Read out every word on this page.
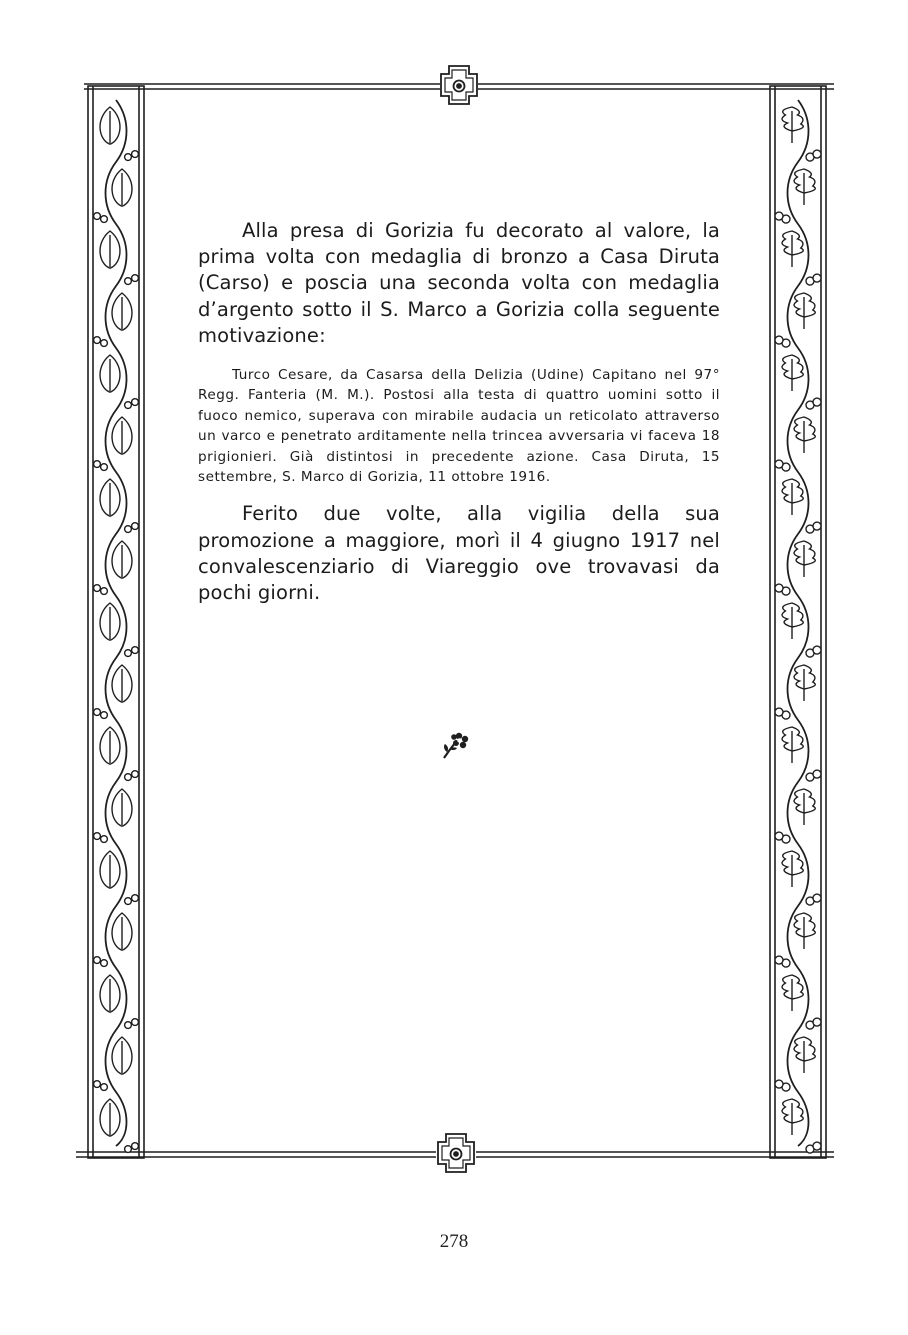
Alla presa di Gorizia fu decorato al valore, la prima volta con medaglia di bronzo a Casa Diruta (Carso) e poscia una seconda volta con medaglia d’argento sotto il S. Marco a Gorizia colla seguente motivazione:

Turco Cesare, da Casarsa della Delizia (Udine) Capitano nel 97° Regg. Fanteria (M. M.). Postosi alla testa di quattro uomini sotto il fuoco nemico, superava con mirabile audacia un reticolato attraverso un varco e penetrato arditamente nella trincea avversaria vi faceva 18 prigionieri. Già distintosi in precedente azione. Casa Diruta, 15 settembre, S. Marco di Gorizia, 11 ottobre 1916.

Ferito due volte, alla vigilia della sua promozione a maggiore, morì il 4 giugno 1917 nel convalescenziario di Viareggio ove trovavasi da pochi giorni.

278
